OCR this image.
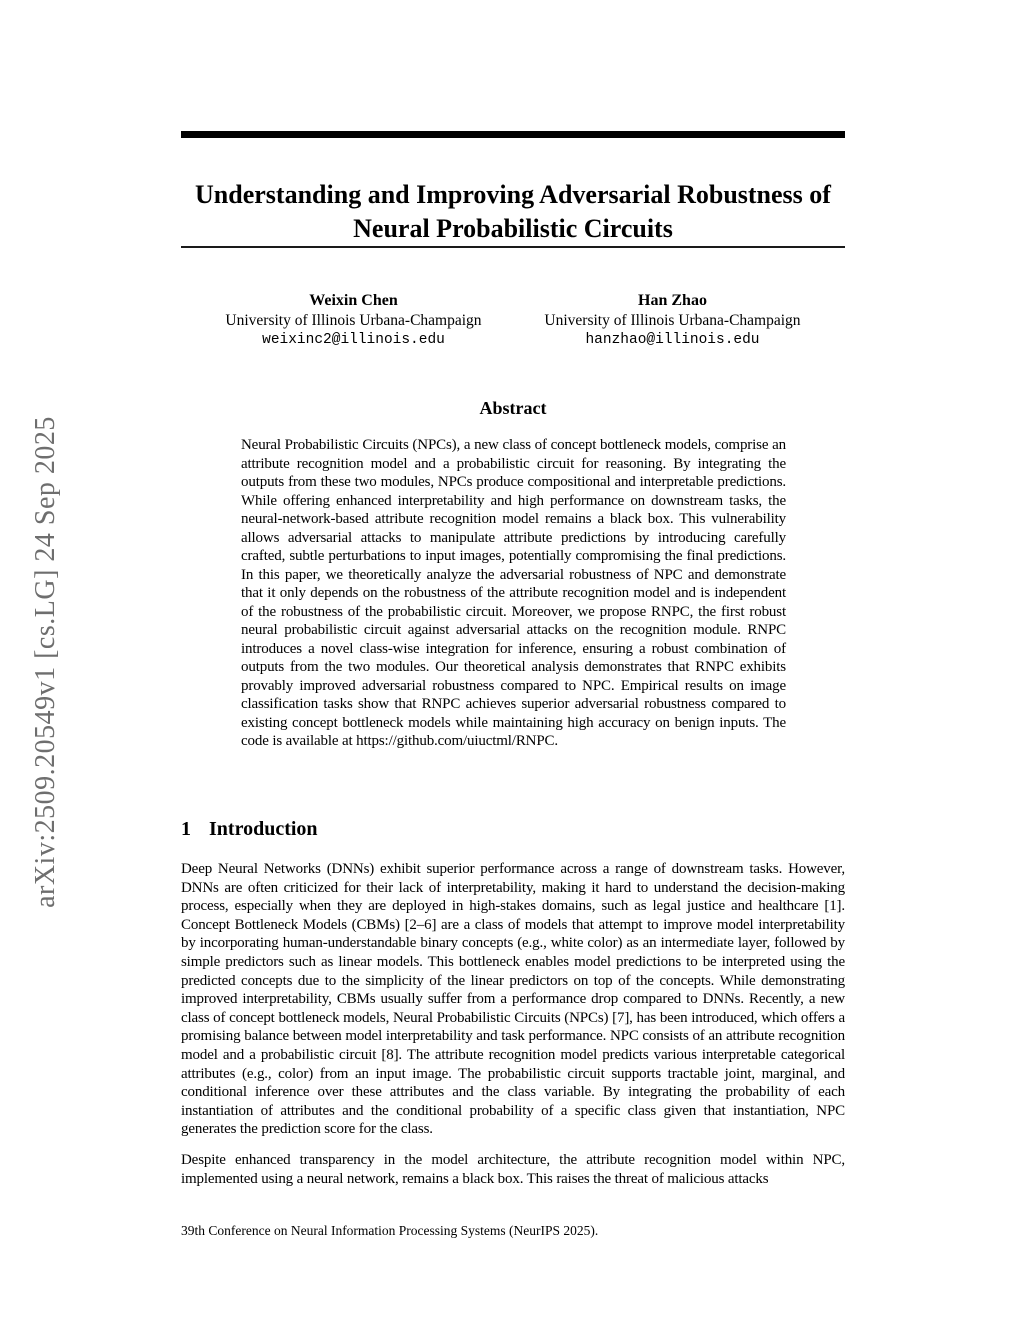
arXiv:2509.20549v1 [cs.LG] 24 Sep 2025
Understanding and Improving Adversarial Robustness of Neural Probabilistic Circuits
Weixin Chen
University of Illinois Urbana-Champaign
weixinc2@illinois.edu
Han Zhao
University of Illinois Urbana-Champaign
hanzhao@illinois.edu
Abstract
Neural Probabilistic Circuits (NPCs), a new class of concept bottleneck models, comprise an attribute recognition model and a probabilistic circuit for reasoning. By integrating the outputs from these two modules, NPCs produce compositional and interpretable predictions. While offering enhanced interpretability and high performance on downstream tasks, the neural-network-based attribute recognition model remains a black box. This vulnerability allows adversarial attacks to manipulate attribute predictions by introducing carefully crafted, subtle perturbations to input images, potentially compromising the final predictions. In this paper, we theoretically analyze the adversarial robustness of NPC and demonstrate that it only depends on the robustness of the attribute recognition model and is independent of the robustness of the probabilistic circuit. Moreover, we propose RNPC, the first robust neural probabilistic circuit against adversarial attacks on the recognition module. RNPC introduces a novel class-wise integration for inference, ensuring a robust combination of outputs from the two modules. Our theoretical analysis demonstrates that RNPC exhibits provably improved adversarial robustness compared to NPC. Empirical results on image classification tasks show that RNPC achieves superior adversarial robustness compared to existing concept bottleneck models while maintaining high accuracy on benign inputs. The code is available at https://github.com/uiuctml/RNPC.
1 Introduction

Deep Neural Networks (DNNs) exhibit superior performance across a range of downstream tasks. However, DNNs are often criticized for their lack of interpretability, making it hard to understand the decision-making process, especially when they are deployed in high-stakes domains, such as legal justice and healthcare [1]. Concept Bottleneck Models (CBMs) [2–6] are a class of models that attempt to improve model interpretability by incorporating human-understandable binary concepts (e.g., white color) as an intermediate layer, followed by simple predictors such as linear models. This bottleneck enables model predictions to be interpreted using the predicted concepts due to the simplicity of the linear predictors on top of the concepts. While demonstrating improved interpretability, CBMs usually suffer from a performance drop compared to DNNs. Recently, a new class of concept bottleneck models, Neural Probabilistic Circuits (NPCs) [7], has been introduced, which offers a promising balance between model interpretability and task performance. NPC consists of an attribute recognition model and a probabilistic circuit [8]. The attribute recognition model predicts various interpretable categorical attributes (e.g., color) from an input image. The probabilistic circuit supports tractable joint, marginal, and conditional inference over these attributes and the class variable. By integrating the probability of each instantiation of attributes and the conditional probability of a specific class given that instantiation, NPC generates the prediction score for the class.

Despite enhanced transparency in the model architecture, the attribute recognition model within NPC, implemented using a neural network, remains a black box. This raises the threat of malicious attacks

39th Conference on Neural Information Processing Systems (NeurIPS 2025).
